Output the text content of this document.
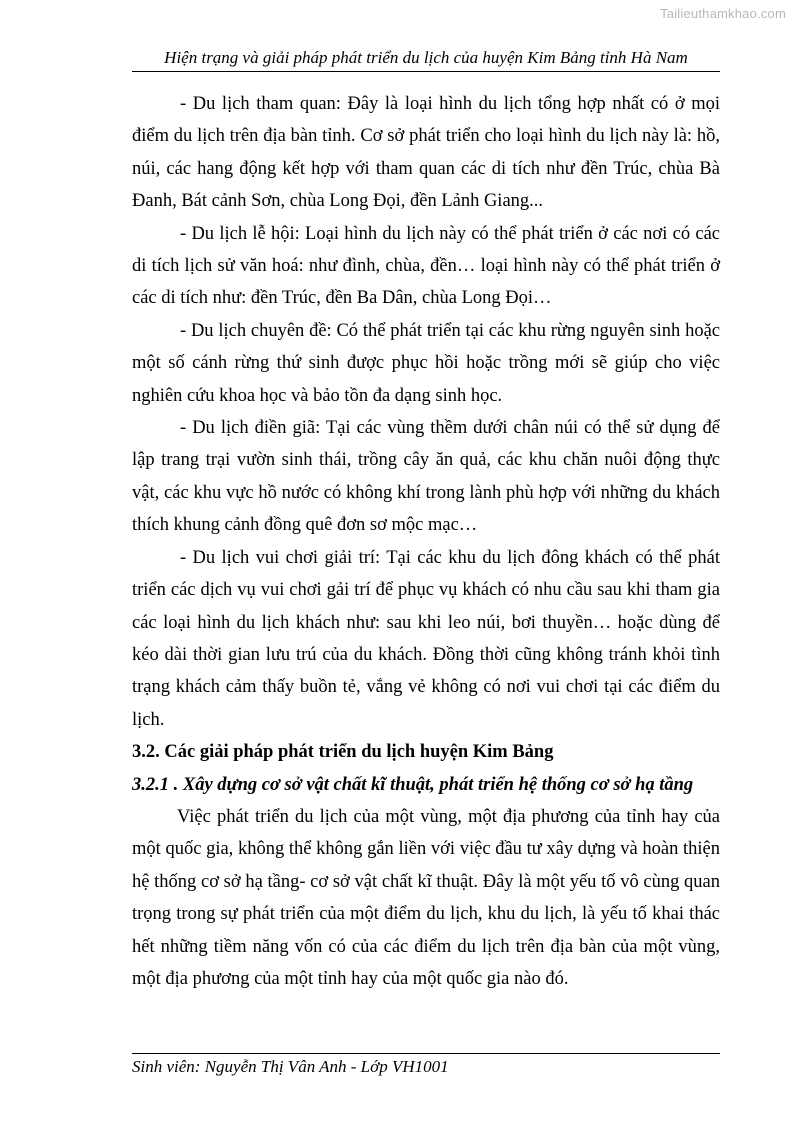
Tailieuthamkhao.com
Hiện trạng và giải pháp phát triển du lịch của huyện Kim Bảng tỉnh Hà Nam

- Du lịch tham quan: Đây là loại hình du lịch tổng hợp nhất có ở mọi điểm du lịch trên địa bàn tỉnh. Cơ sở phát triển cho loại hình du lịch này là: hồ, núi, các hang động kết hợp với tham quan các di tích như đền Trúc, chùa Bà Đanh, Bát cảnh Sơn, chùa Long Đọi, đền Lảnh Giang...

- Du lịch lễ hội: Loại hình du lịch này có thể phát triển ở các nơi có các di tích lịch sử văn hoá: như đình, chùa, đền… loại hình này có thể phát triển ở các di tích như: đền Trúc, đền Ba Dân, chùa Long Đọi…

- Du lịch chuyên đề: Có thể phát triển tại các khu rừng nguyên sinh hoặc một số cánh rừng thứ sinh được phục hồi hoặc trồng mới sẽ giúp cho việc nghiên cứu khoa học và bảo tồn đa dạng sinh học.

- Du lịch điền giã: Tại các vùng thềm dưới chân núi có thể sử dụng để lập trang trại vườn sinh thái, trồng cây ăn quả, các khu chăn nuôi động thực vật, các khu vực hồ nước có không khí trong lành phù hợp với những du khách thích khung cảnh đồng quê đơn sơ mộc mạc…

- Du lịch vui chơi giải trí: Tại các khu du lịch đông khách có thể phát triển các dịch vụ vui chơi gải trí để phục vụ khách có nhu cầu sau khi tham gia các loại hình du lịch khách như: sau khi leo núi, bơi thuyền… hoặc dùng để kéo dài thời gian lưu trú của du khách. Đồng thời cũng không tránh khỏi tình trạng khách cảm thấy buồn tẻ, vắng vẻ không có nơi vui chơi tại các điểm du lịch.

3.2. Các giải pháp phát triển du lịch huyện Kim Bảng
3.2.1 . Xây dựng cơ sở vật chất kĩ thuật, phát triển hệ thống cơ sở hạ tầng

Việc phát triển du lịch của một vùng, một địa phương của tỉnh hay của một quốc gia, không thể không gắn liền với việc đầu tư xây dựng và hoàn thiện hệ thống cơ sở hạ tầng- cơ sở vật chất kĩ thuật. Đây là một yếu tố vô cùng quan trọng trong sự phát triển của một điểm du lịch, khu du lịch, là yếu tố khai thác hết những tiềm năng vốn có của các điểm du lịch trên địa bàn của một vùng, một địa phương của một tỉnh hay của một quốc gia nào đó.

Sinh viên: Nguyễn Thị Vân Anh - Lớp VH1001
